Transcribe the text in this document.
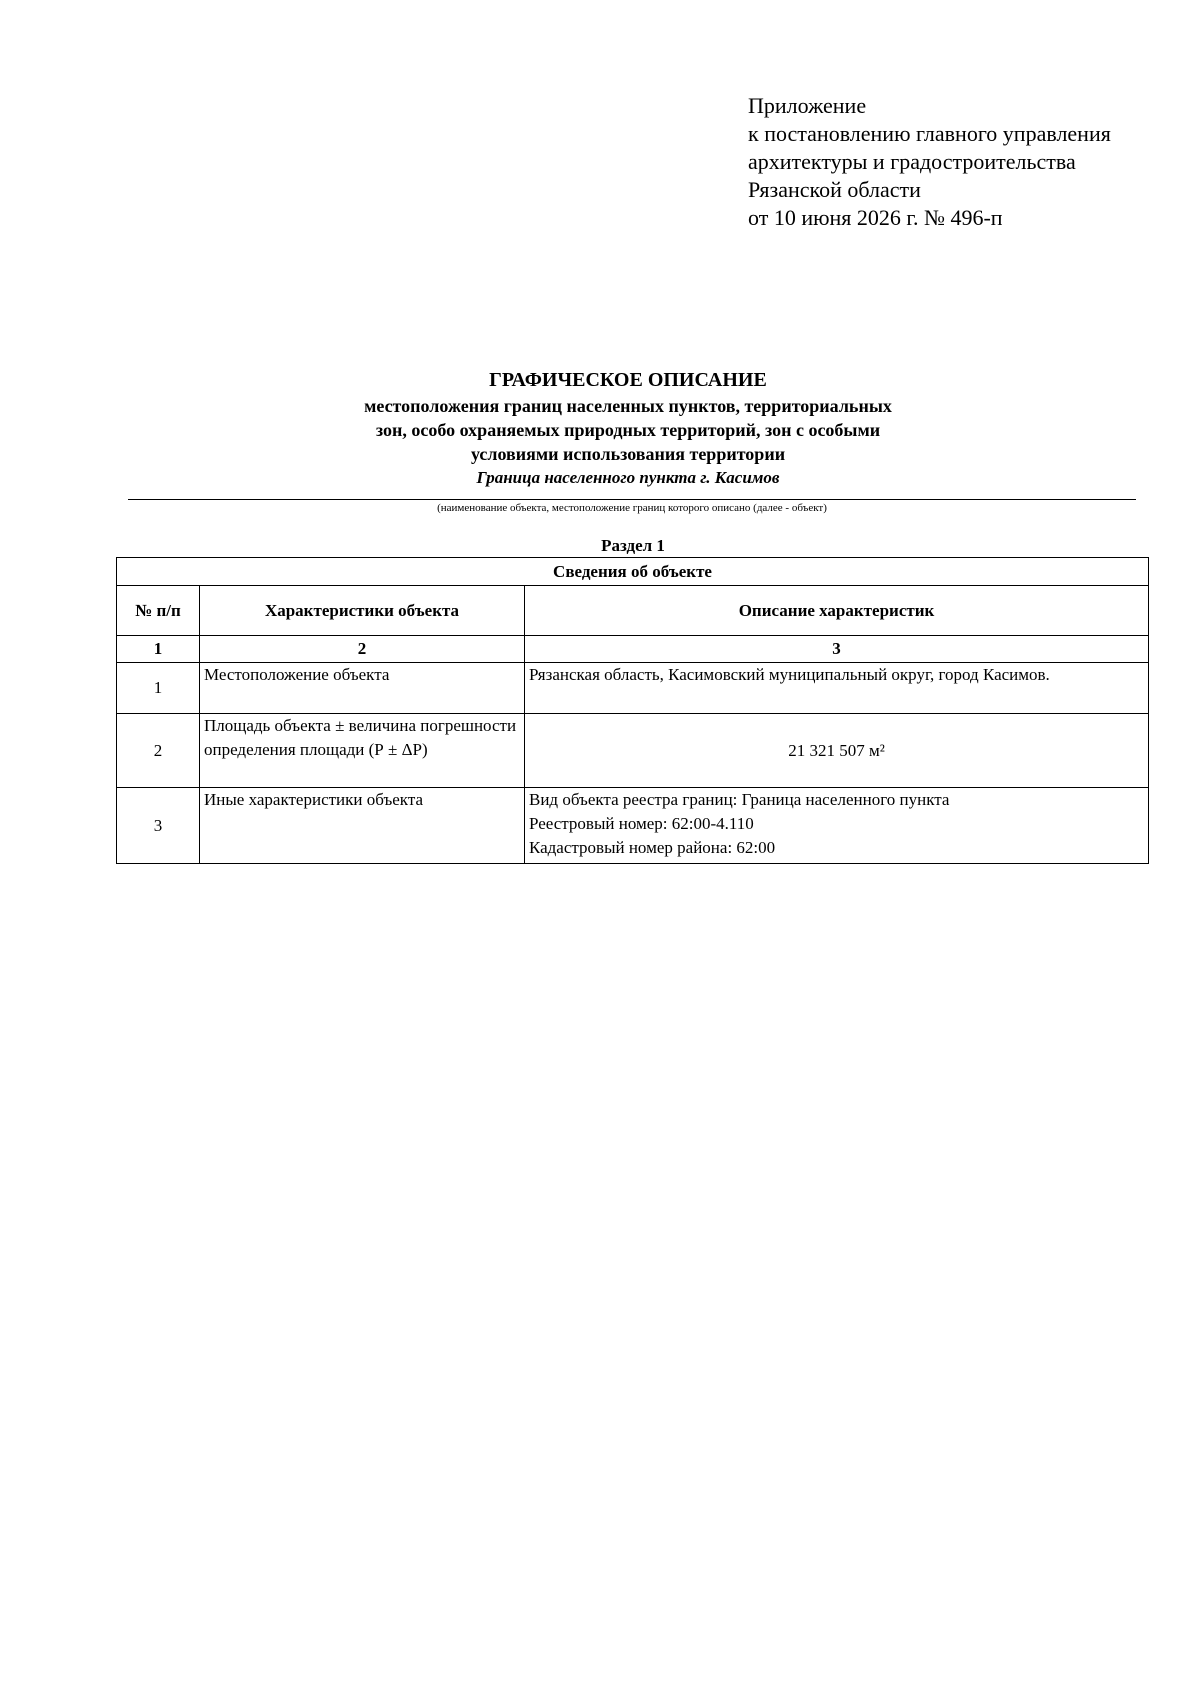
Приложение
к постановлению главного управления
архитектуры и градостроительства
Рязанской области
от 10 июня 2026 г. № 496-п
ГРАФИЧЕСКОЕ ОПИСАНИЕ
местоположения границ населенных пунктов, территориальных
зон, особо охраняемых природных территорий, зон с особыми
условиями использования территории
Граница населенного пункта г. Касимов
(наименование объекта, местоположение границ которого описано (далее - объект)
Раздел 1
Сведения об объекте		
№ п/п	Характеристики объекта	Описание характеристик
1	2	3
1	Местоположение объекта	Рязанская область, Касимовский муниципальный округ, город Касимов.

2	Площадь объекта ± величина погрешности определения площади (Р ± ΔР)	21 321 507 м²

3	Иные характеристики объекта	Вид объекта реестра границ: Граница населенного пункта
Реестровый номер: 62:00-4.110
Кадастровый номер района: 62:00
